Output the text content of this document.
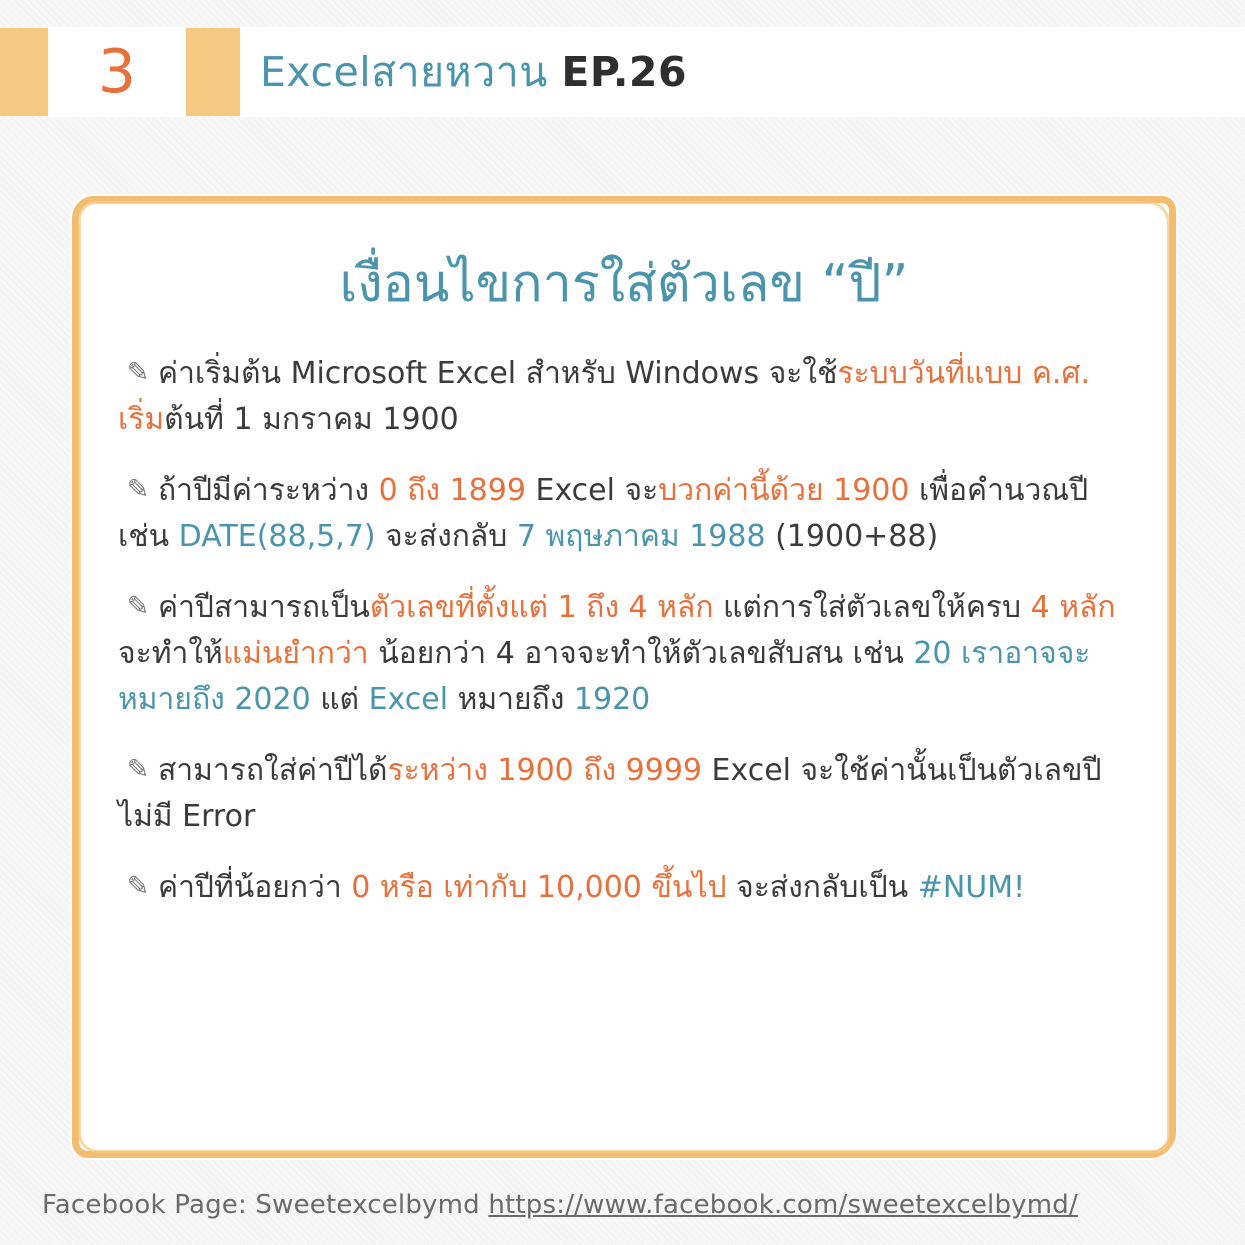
3	Excelสายหวาน EP.26
เงื่อนไขการใส่ตัวเลข “ปี”
✎ ค่าเริ่มต้น Microsoft Excel สำหรับ Windows จะใช้ระบบวันที่แบบ ค.ศ. เริ่มต้นที่ 1 มกราคม 1900
✎ ถ้าปีมีค่าระหว่าง 0 ถึง 1899 Excel จะบวกค่านี้ด้วย 1900 เพื่อคำนวณปี เช่น DATE(88,5,7) จะส่งกลับ 7 พฤษภาคม 1988 (1900+88)
✎ ค่าปีสามารถเป็นตัวเลขที่ตั้งแต่ 1 ถึง 4 หลัก แต่การใส่ตัวเลขให้ครบ 4 หลักจะทำให้แม่นยำกว่า น้อยกว่า 4 อาจจะทำให้ตัวเลขสับสน เช่น 20 เราอาจจะหมายถึง 2020 แต่ Excel หมายถึง 1920
✎ สามารถใส่ค่าปีได้ระหว่าง 1900 ถึง 9999 Excel จะใช้ค่านั้นเป็นตัวเลขปี ไม่มี Error
✎ ค่าปีที่น้อยกว่า 0 หรือ เท่ากับ 10,000 ขึ้นไป จะส่งกลับเป็น #NUM!
Facebook Page: Sweetexcelbymd https://www.facebook.com/sweetexcelbymd/
